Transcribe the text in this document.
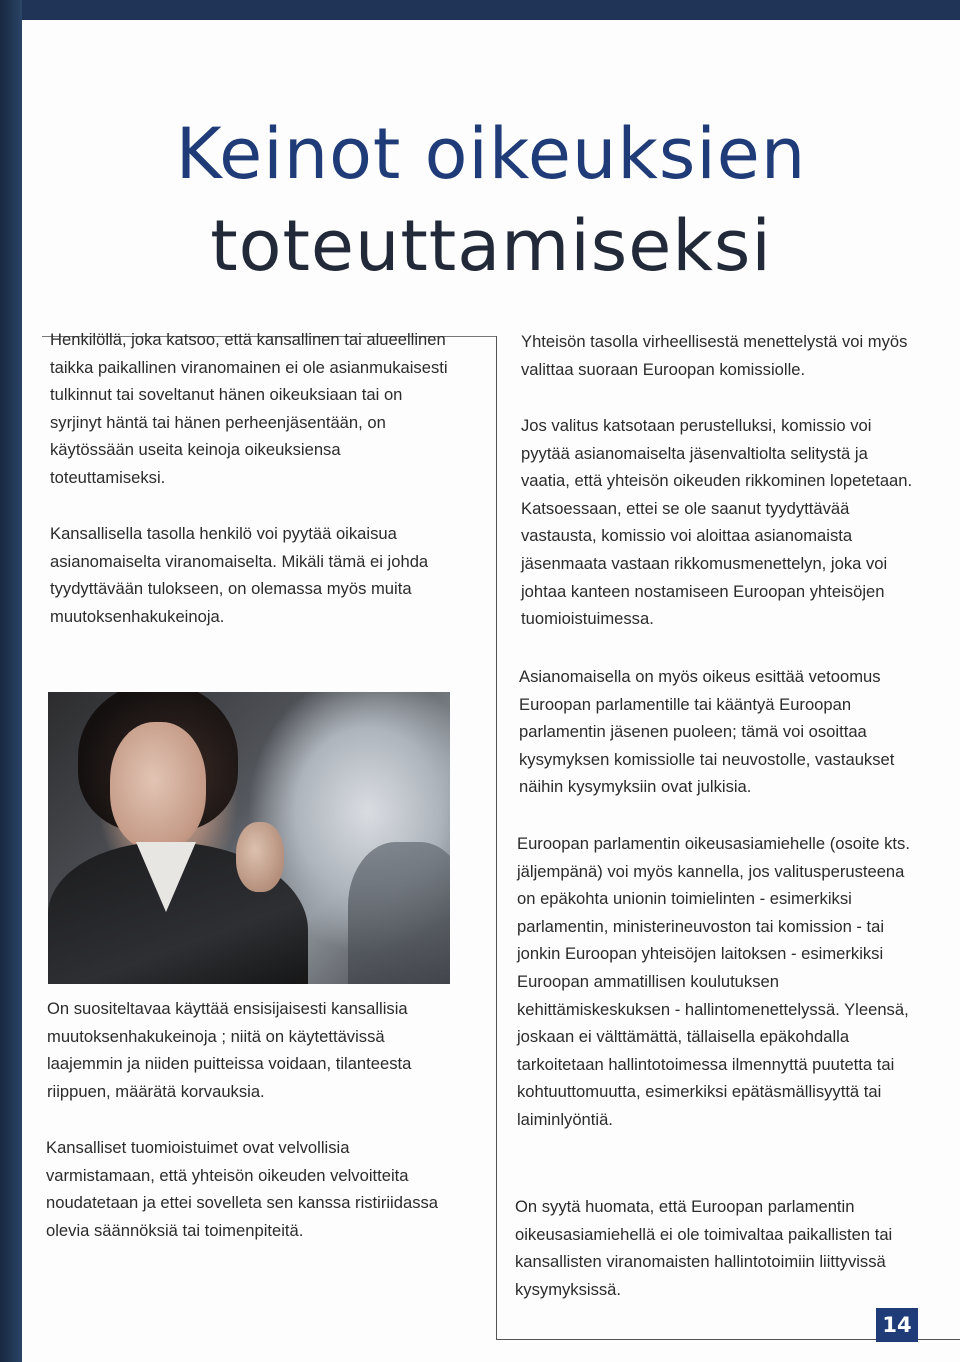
Keinot oikeuksien
toteuttamiseksi

Henkilöllä, joka katsoo, että kansallinen tai alueellinen taikka paikallinen viranomainen ei ole asianmukaisesti tulkinnut tai soveltanut hänen oikeuksiaan tai on syrjinyt häntä tai hänen perheenjäsentään, on käytössään useita keinoja oikeuksiensa toteuttamiseksi.

Kansallisella tasolla henkilö voi pyytää oikaisua asianomaiselta viranomaiselta. Mikäli tämä ei johda tyydyttävään tulokseen, on olemassa myös muita muutoksenhakukeinoja.

On suositeltavaa käyttää ensisijaisesti kansallisia muutoksenhakukeinoja ; niitä on käytettävissä laajemmin ja niiden puitteissa voidaan, tilanteesta riippuen, määrätä korvauksia.

Kansalliset tuomioistuimet ovat velvollisia varmistamaan, että yhteisön oikeuden velvoitteita noudatetaan ja ettei sovelleta sen kanssa ristiriidassa olevia säännöksiä tai toimenpiteitä.

Yhteisön tasolla virheellisestä menettelystä voi myös valittaa suoraan Euroopan komissiolle.

Jos valitus katsotaan perustelluksi, komissio voi pyytää asianomaiselta jäsenvaltiolta selitystä ja vaatia, että yhteisön oikeuden rikkominen lopetetaan. Katsoessaan, ettei se ole saanut tyydyttävää vastausta, komissio voi aloittaa asianomaista jäsenmaata vastaan rikkomusmenettelyn, joka voi johtaa kanteen nostamiseen Euroopan yhteisöjen tuomioistuimessa.

Asianomaisella on myös oikeus esittää vetoomus Euroopan parlamentille tai kääntyä Euroopan parlamentin jäsenen puoleen; tämä voi osoittaa kysymyksen komissiolle tai neuvostolle, vastaukset näihin kysymyksiin ovat julkisia.

Euroopan parlamentin oikeusasiamiehelle (osoite kts. jäljempänä) voi myös kannella, jos valitusperusteena on epäkohta unionin toimielinten - esimerkiksi parlamentin, ministerineuvoston tai komission - tai jonkin Euroopan yhteisöjen laitoksen - esimerkiksi Euroopan ammatillisen koulutuksen kehittämiskeskuksen - hallintomenettelyssä. Yleensä, joskaan ei välttämättä, tällaisella epäkohdalla tarkoitetaan hallintotoimessa ilmennyttä puutetta tai kohtuuttomuutta, esimerkiksi epätäsmällisyyttä tai laiminlyöntiä.

On syytä huomata, että Euroopan parlamentin oikeusasiamiehellä ei ole toimivaltaa paikallisten tai kansallisten viranomaisten hallintotoimiin liittyvissä kysymyksissä.

14
